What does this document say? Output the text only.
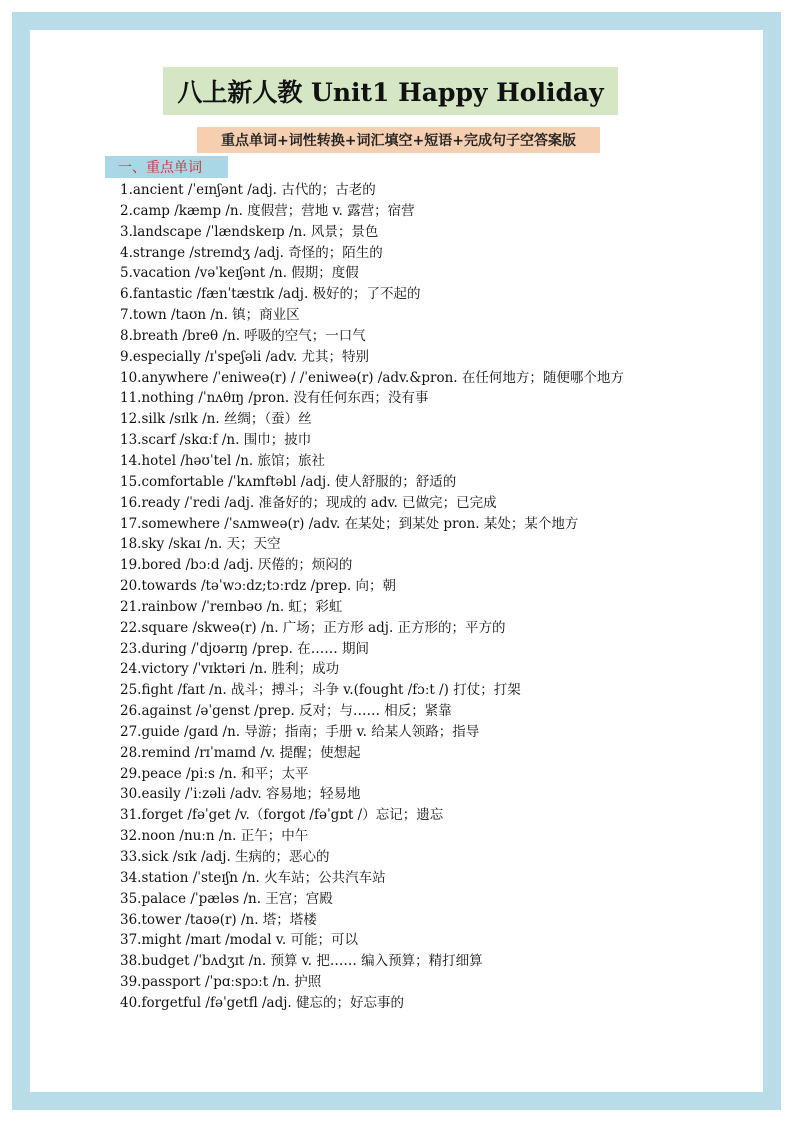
八上新人教 Unit1 Happy Holiday
重点单词+词性转换+词汇填空+短语+完成句子空答案版
一、重点单词
1.ancient /ˈeɪnʃənt /adj. 古代的；古老的
2.camp /kæmp /n. 度假营；营地 v. 露营；宿营
3.landscape /ˈlændskeɪp /n. 风景；景色
4.strange /streɪndʒ /adj. 奇怪的；陌生的
5.vacation /vəˈkeɪʃənt /n. 假期；度假
6.fantastic /fænˈtæstɪk /adj. 极好的；了不起的
7.town /taʊn /n. 镇；商业区
8.breath /breθ /n. 呼吸的空气；一口气
9.especially /ɪˈspeʃəli /adv. 尤其；特别
10.anywhere /ˈeniweə(r) / /ˈeniweə(r) /adv.&pron. 在任何地方；随便哪个地方
11.nothing /ˈnʌθɪŋ /pron. 没有任何东西；没有事
12.silk /sɪlk /n. 丝绸；（蚕）丝
13.scarf /skɑːf /n. 围巾；披巾
14.hotel /həʊˈtel /n. 旅馆；旅社
15.comfortable /ˈkʌmftəbl /adj. 使人舒服的；舒适的
16.ready /ˈredi /adj. 准备好的；现成的 adv. 已做完；已完成
17.somewhere /ˈsʌmweə(r) /adv. 在某处；到某处 pron. 某处；某个地方
18.sky /skaɪ /n. 天；天空
19.bored /bɔːd /adj. 厌倦的；烦闷的
20.towards /təˈwɔːdz;tɔːrdz /prep. 向；朝
21.rainbow /ˈreɪnbəʊ /n. 虹；彩虹
22.square /skweə(r) /n. 广场；正方形 adj. 正方形的；平方的
23.during /ˈdjʊərɪŋ /prep. 在…… 期间
24.victory /ˈvɪktəri /n. 胜利；成功
25.fight /faɪt /n. 战斗；搏斗；斗争 v.(fought /fɔːt /) 打仗；打架
26.against /əˈgenst /prep. 反对；与…… 相反；紧靠
27.guide /gaɪd /n. 导游；指南；手册 v. 给某人领路；指导
28.remind /rɪˈmaɪnd /v. 提醒；使想起
29.peace /piːs /n. 和平；太平
30.easily /ˈiːzəli /adv. 容易地；轻易地
31.forget /fəˈget /v.（forgot /fəˈgɒt /）忘记；遗忘
32.noon /nuːn /n. 正午；中午
33.sick /sɪk /adj. 生病的；恶心的
34.station /ˈsteɪʃn /n. 火车站；公共汽车站
35.palace /ˈpæləs /n. 王宫；宫殿
36.tower /taʊə(r) /n. 塔；塔楼
37.might /maɪt /modal v. 可能；可以
38.budget /ˈbʌdʒɪt /n. 预算 v. 把…… 编入预算；精打细算
39.passport /ˈpɑːspɔːt /n. 护照
40.forgetful /fəˈgetfl /adj. 健忘的；好忘事的
